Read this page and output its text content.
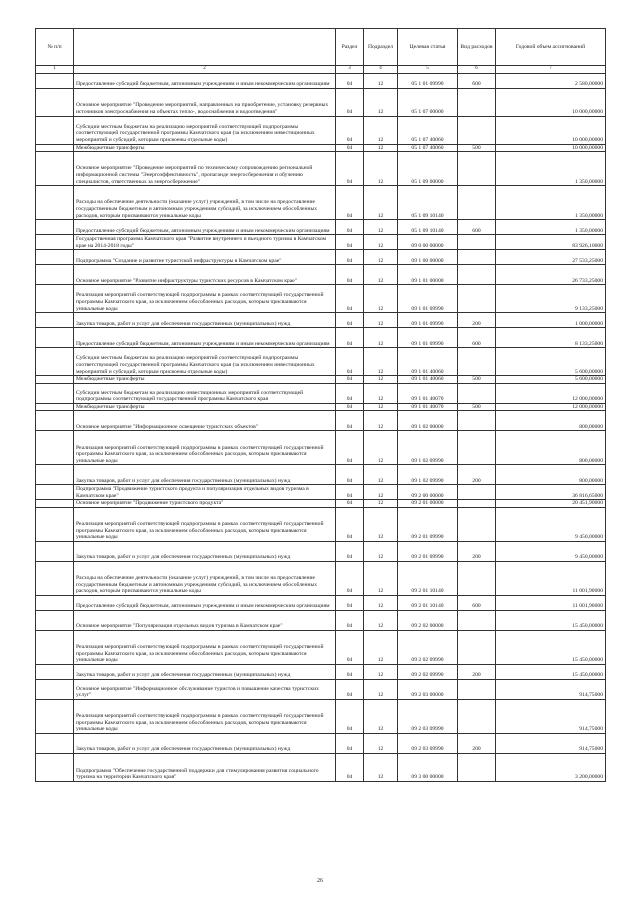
№ п/п		Раздел	Подраздел	Целевая статья	Вид расходов	Годовой объем ассигнований
1	2	3	4	5	6	7
	Предоставление субсидий бюджетным, автономным учреждениям и иным некоммерческим организациям	04	12	05 1 01 09990	600	2 580,00000
	Основное мероприятие "Проведение мероприятий, направленных на приобретение, установку резервных источников электроснабжения на объектах тепло-, водоснабжения и водоотведения"	04	12	05 1 07 00000		10 000,00000
	Субсидии местным бюджетам на реализацию мероприятий соответствующей подпрограммы соответствующей государственной программы Камчатского края (за исключением инвестиционных мероприятий и субсидий, которым присвоены отдельные коды)	04	12	05 1 07 40060		10 000,00000
	Межбюджетные трансферты	04	12	05 1 07 40060	500	10 000,00000
	Основное мероприятие "Проведение мероприятий по техническому сопровождению региональной информационной системы "Энергоэффективность", пропаганде энергосбережения и обучению специалистов, ответственных за энергосбережение"	04	12	05 1 09 00000		1 350,00000
	Расходы на обеспечение деятельности (оказание услуг) учреждений, в том числе на предоставление государственным бюджетным и автономным учреждениям субсидий, за исключением обособленных расходов, которым присваиваются уникальные коды	04	12	05 1 09 10140		1 350,00000
	Предоставление субсидий бюджетным, автономным учреждениям и иным некоммерческим организациям	04	12	05 1 09 10140	600	1 350,00000
	Государственная программа Камчатского края "Развитие внутреннего и въездного туризма в Камчатском крае на 2014-2018 годы"	04	12	09 0 00 00000		83 926,10000
	Подпрограмма "Создание и развитие туристской инфраструктуры в Камчатском крае"	04	12	09 1 00 00000		27 533,25000
	Основное мероприятие "Развитие инфраструктуры туристских ресурсов в Камчатском крае"	04	12	09 1 01 00000		26 733,25000
	Реализация мероприятий соответствующей подпрограммы в рамках соответствующей государственной программы Камчатского края, за исключением обособленных расходов, которым присваиваются уникальные коды	04	12	09 1 01 09990		9 133,25000
	Закупка товаров, работ и услуг для обеспечения государственных (муниципальных) нужд	04	12	09 1 01 09990	200	1 000,00000
	Предоставление субсидий бюджетным, автономным учреждениям и иным некоммерческим организациям	04	12	09 1 01 09990	600	8 133,25000
	Субсидии местным бюджетам на реализацию мероприятий соответствующей подпрограммы соответствующей государственной программы Камчатского края (за исключением инвестиционных мероприятий и субсидий, которым присвоены отдельные коды)	04	12	09 1 01 40060		5 600,00000
	Межбюджетные трансферты	04	12	09 1 01 40060	500	5 600,00000
	Субсидии местным бюджетам на реализацию инвестиционных мероприятий соответствующей подпрограммы соответствующей государственной программы Камчатского края	04	12	09 1 01 40070		12 000,00000
	Межбюджетные трансферты	04	12	09 1 01 40070	500	12 000,00000
	Основное мероприятие "Информационное освещение туристских объектов"	04	12	09 1 02 00000		800,00000
	Реализация мероприятий соответствующей подпрограммы в рамках соответствующей государственной программы Камчатского края, за исключением обособленных расходов, которым присваиваются уникальные коды	04	12	09 1 02 09990		800,00000
	Закупка товаров, работ и услуг для обеспечения государственных (муниципальных) нужд	04	12	09 1 02 09990	200	800,00000
	Подпрограмма "Продвижение туристского продукта и популяризация отдельных видов туризма в Камчатском крае"	04	12	09 2 00 00000		36 816,65000
	Основное мероприятие "Продвижение туристского продукта"	04	12	09 2 01 00000		20 451,90000
	Реализация мероприятий соответствующей подпрограммы в рамках соответствующей государственной программы Камчатского края, за исключением обособленных расходов, которым присваиваются уникальные коды	04	12	09 2 01 09990		9 450,00000
	Закупка товаров, работ и услуг для обеспечения государственных (муниципальных) нужд	04	12	09 2 01 09990	200	9 450,00000
	Расходы на обеспечение деятельности (оказание услуг) учреждений, в том числе на предоставление государственным бюджетным и автономным учреждениям субсидий, за исключением обособленных расходов, которым присваиваются уникальные коды	04	12	09 2 01 10140		11 001,90000
	Предоставление субсидий бюджетным, автономным учреждениям и иным некоммерческим организациям	04	12	09 2 01 10140	600	11 001,90000
	Основное мероприятие "Популяризация отдельных видов туризма в Камчатском крае"	04	12	09 2 02 00000		15 450,00000
	Реализация мероприятий соответствующей подпрограммы в рамках соответствующей государственной программы Камчатского края, за исключением обособленных расходов, которым присваиваются уникальные коды	04	12	09 2 02 09990		15 450,00000
	Закупка товаров, работ и услуг для обеспечения государственных (муниципальных) нужд	04	12	09 2 02 09990	200	15 450,00000
	Основное мероприятие "Информационное обслуживание туристов и повышение качества туристских услуг"	04	12	09 2 03 00000		914,75000
	Реализация мероприятий соответствующей подпрограммы в рамках соответствующей государственной программы Камчатского края, за исключением обособленных расходов, которым присваиваются уникальные коды	04	12	09 2 03 09990		914,75000
	Закупка товаров, работ и услуг для обеспечения государственных (муниципальных) нужд	04	12	09 2 03 09990	200	914,75000
	Подпрограмма "Обеспечение государственной поддержки для стимулирования развития социального туризма на территории Камчатского края"	04	12	09 3 00 00000		3 200,00000
26
